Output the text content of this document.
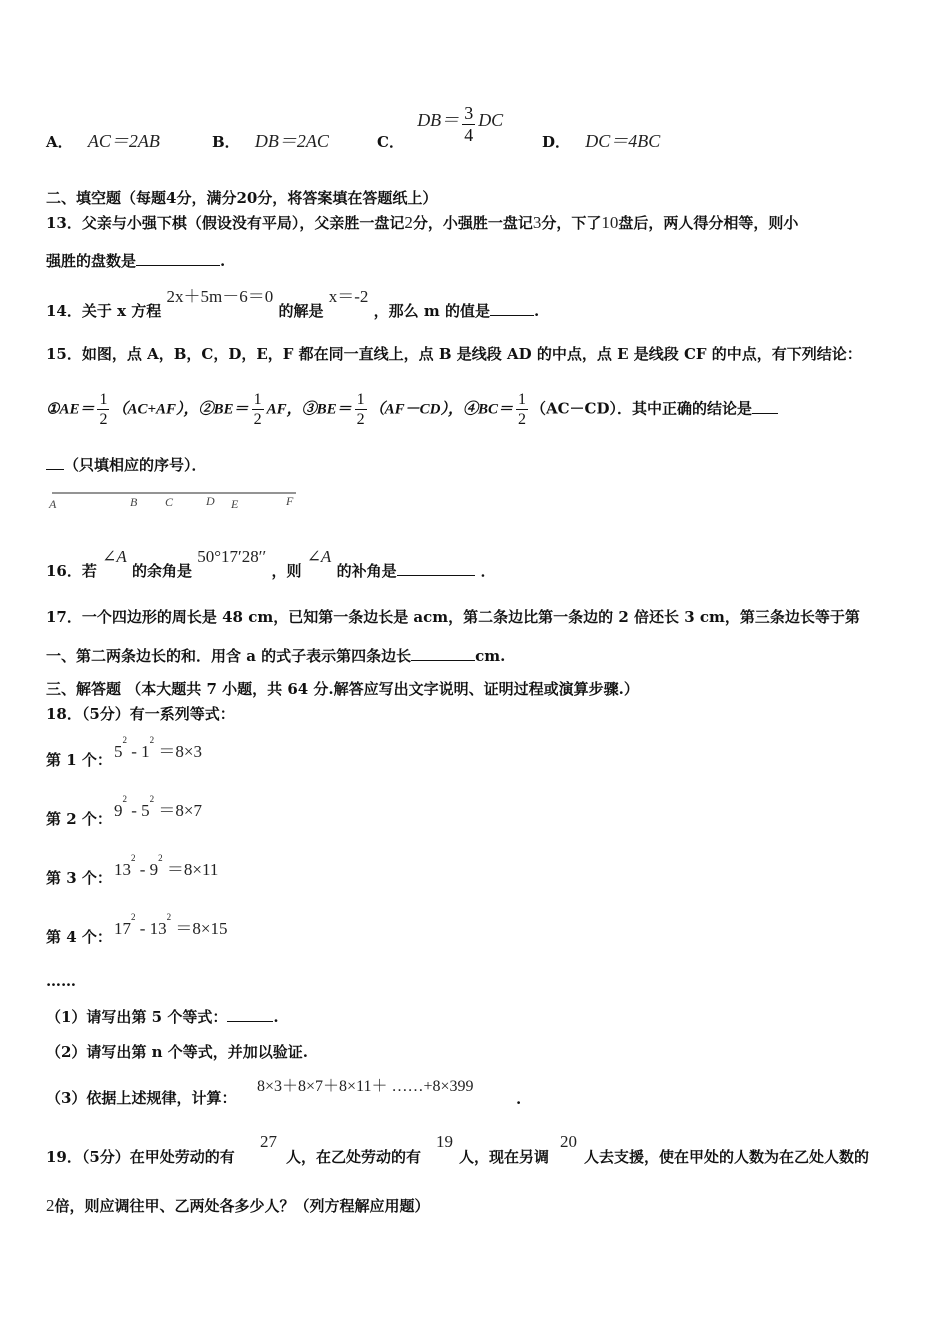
A． AC＝2AB	B． DB＝2AC	C． $DB= \frac{3}{4}$ DC
D． DC＝4BC
二、填空题（每题4分，满分20分，将答案填在答题纸上）
13．父亲与小强下棋（假设没有平局），父亲胜一盘记2分，小强胜一盘记3分，下了10盘后，两人得分相等，则小
强胜的盘数是	.
14．关于 x 方程 2x＋5m－6＝0 的解是 x＝-2 ，那么 m 的值是	.
15．如图，点 A，B，C，D，E，F 都在同一直线上，点 B 是线段 AD 的中点，点 E 是线段 CF 的中点，有下列结论：
①AE＝ $\frac{1}{2} (AC+AF)$，②BE＝ $\frac{1}{2}$ AF，③BE＝ $\frac{1}{2} (AF-CD)$，④BC＝ $\frac{1}{2} (AC-CD)$．其中正确的结论是
（只填相应的序号）．
A	B C	D E	F
16．若 ∠A 的余角是 50°17′28′′ ，则 ∠A 的补角是	．
17．一个四边形的周长是 48 cm，已知第一条边长是 acm，第二条边比第一条边的 2 倍还长 3 cm，第三条边长等于第
一、第二两条边长的和．用含 a 的式子表示第四条边长	cm.
三、解答题 （本大题共 7 小题，共 64 分.解答应写出文字说明、证明过程或演算步骤.）
18．（5分）有一系列等式：
第 1 个： $5^2 - 1^2 =8\times 3$
第 2 个： $9^2 - 5^2 =8\times 7$
第 3 个： $13^2 - 9^2 =8\times 11$
第 4 个： $17^2 - 13^2 =8\times 15$
……
（1）请写出第 5 个等式：	.
（2）请写出第 n 个等式，并加以验证.
（3）依据上述规律，计算：
8×3＋8×7＋8×11＋ ……+8×399
.
19．（5分）在甲处劳动的有
27
人，在乙处劳动的有
19
人，现在另调
20
人去支援，使在甲处的人数为在乙处人数的
2倍，则应调往甲、乙两处各多少人？（列方程解应用题）
